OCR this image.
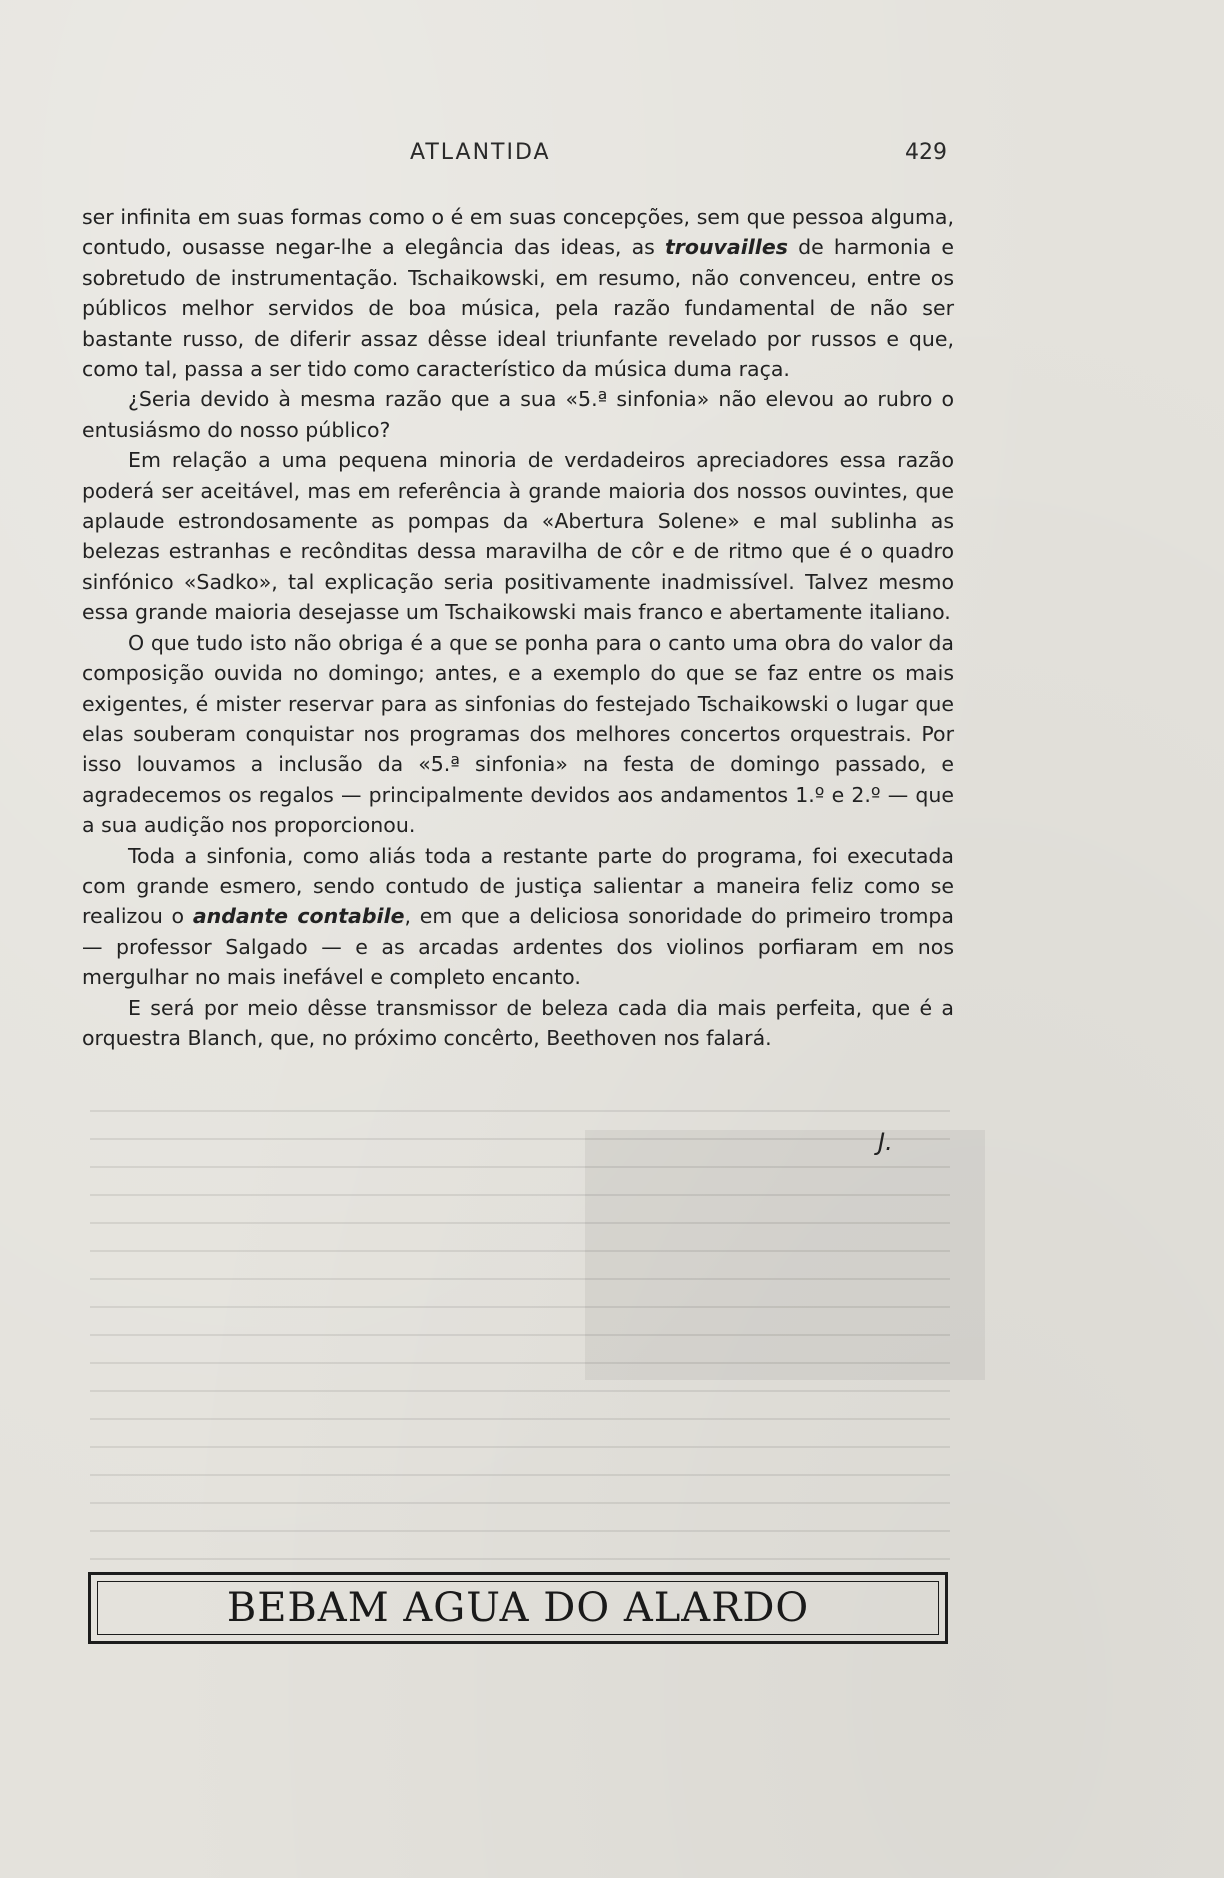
ATLANTIDA	429

ser infinita em suas formas como o é em suas concepções, sem que pessoa alguma, contudo, ousasse negar-lhe a elegância das ideas, as trouvailles de harmonia e sobretudo de instrumentação. Tschaikowski, em resumo, não convenceu, entre os públicos melhor servidos de boa música, pela razão fundamental de não ser bastante russo, de diferir assaz dêsse ideal triunfante revelado por russos e que, como tal, passa a ser tido como característico da música duma raça.

¿Seria devido à mesma razão que a sua «5.ª sinfonia» não elevou ao rubro o entusiásmo do nosso público?

Em relação a uma pequena minoria de verdadeiros apreciadores essa razão poderá ser aceitável, mas em referência à grande maioria dos nossos ouvintes, que aplaude estrondosamente as pompas da «Abertura Solene» e mal sublinha as belezas estranhas e recônditas dessa maravilha de côr e de ritmo que é o quadro sinfónico «Sadko», tal explicação seria positivamente inadmissível. Talvez mesmo essa grande maioria desejasse um Tschaikowski mais franco e abertamente italiano.

O que tudo isto não obriga é a que se ponha para o canto uma obra do valor da composição ouvida no domingo; antes, e a exemplo do que se faz entre os mais exigentes, é mister reservar para as sinfonias do festejado Tschaikowski o lugar que elas souberam conquistar nos programas dos melhores concertos orquestrais. Por isso louvamos a inclusão da «5.ª sinfonia» na festa de domingo passado, e agradecemos os regalos — principalmente devidos aos andamentos 1.º e 2.º — que a sua audição nos proporcionou.

Toda a sinfonia, como aliás toda a restante parte do programa, foi executada com grande esmero, sendo contudo de justiça salientar a maneira feliz como se realizou o andante contabile, em que a deliciosa sonoridade do primeiro trompa — professor Salgado — e as arcadas ardentes dos violinos porfiaram em nos mergulhar no mais inefável e completo encanto.

E será por meio dêsse transmissor de beleza cada dia mais perfeita, que é a orquestra Blanch, que, no próximo concêrto, Beethoven nos falará.

J.
BEBAM AGUA DO ALARDO
